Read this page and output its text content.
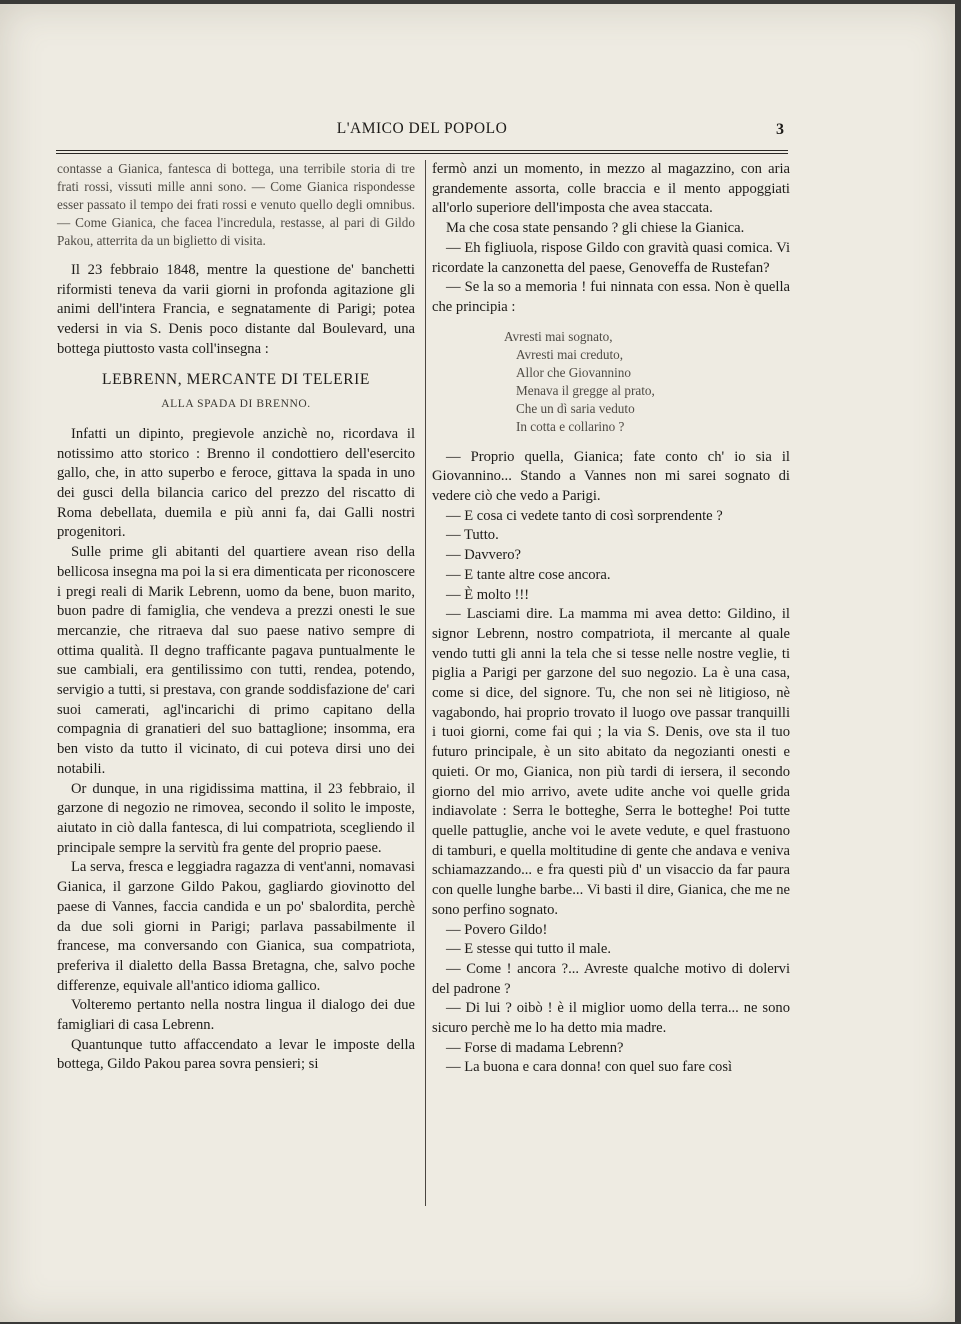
L'AMICO DEL POPOLO	3

contasse a Gianica, fantesca di bottega, una terribile storia di tre frati rossi, vissuti mille anni sono. — Come Gianica rispondesse esser passato il tempo dei frati rossi e venuto quello degli omnibus. — Come Gianica, che facea l'incredula, restasse, al pari di Gildo Pakou, atterrita da un biglietto di visita.

Il 23 febbraio 1848, mentre la questione de' banchetti riformisti teneva da varii giorni in profonda agitazione gli animi dell'intera Francia, e segnatamente di Parigi; potea vedersi in via S. Denis poco distante dal Boulevard, una bottega piuttosto vasta coll'insegna :

LEBRENN, MERCANTE DI TELERIE

ALLA SPADA DI BRENNO.

Infatti un dipinto, pregievole anzichè no, ricordava il notissimo atto storico : Brenno il condottiero dell'esercito gallo, che, in atto superbo e feroce, gittava la spada in uno dei gusci della bilancia carico del prezzo del riscatto di Roma debellata, duemila e più anni fa, dai Galli nostri progenitori.

Sulle prime gli abitanti del quartiere avean riso della bellicosa insegna ma poi la si era dimenticata per riconoscere i pregi reali di Marik Lebrenn, uomo da bene, buon marito, buon padre di famiglia, che vendeva a prezzi onesti le sue mercanzie, che ritraeva dal suo paese nativo sempre di ottima qualità. Il degno trafficante pagava puntualmente le sue cambiali, era gentilissimo con tutti, rendea, potendo, servigio a tutti, si prestava, con grande soddisfazione de' cari suoi camerati, agl'incarichi di primo capitano della compagnia di granatieri del suo battaglione; insomma, era ben visto da tutto il vicinato, di cui poteva dirsi uno dei notabili.

Or dunque, in una rigidissima mattina, il 23 febbraio, il garzone di negozio ne rimovea, secondo il solito le imposte, aiutato in ciò dalla fantesca, di lui compatriota, scegliendo il principale sempre la servitù fra gente del proprio paese.

La serva, fresca e leggiadra ragazza di vent'anni, nomavasi Gianica, il garzone Gildo Pakou, gagliardo giovinotto del paese di Vannes, faccia candida e un po' sbalordita, perchè da due soli giorni in Parigi; parlava passabilmente il francese, ma conversando con Gianica, sua compatriota, preferiva il dialetto della Bassa Bretagna, che, salvo poche differenze, equivale all'antico idioma gallico.

Volteremo pertanto nella nostra lingua il dialogo dei due famigliari di casa Lebrenn.

Quantunque tutto affaccendato a levar le imposte della bottega, Gildo Pakou parea sovra pensieri; si

fermò anzi un momento, in mezzo al magazzino, con aria grandemente assorta, colle braccia e il mento appoggiati all'orlo superiore dell'imposta che avea staccata.

Ma che cosa state pensando ? gli chiese la Gianica.

— Eh figliuola, rispose Gildo con gravità quasi comica. Vi ricordate la canzonetta del paese, Genoveffa de Rustefan?

— Se la so a memoria ! fui ninnata con essa. Non è quella che principia :

Avresti mai sognato,
Avresti mai creduto,
Allor che Giovannino
Menava il gregge al prato,
Che un dì saria veduto
In cotta e collarino ?

— Proprio quella, Gianica; fate conto ch' io sia il Giovannino... Stando a Vannes non mi sarei sognato di vedere ciò che vedo a Parigi.

— E cosa ci vedete tanto di così sorprendente ?

— Tutto.

— Davvero?

— E tante altre cose ancora.

— È molto !!!

— Lasciami dire. La mamma mi avea detto: Gildino, il signor Lebrenn, nostro compatriota, il mercante al quale vendo tutti gli anni la tela che si tesse nelle nostre veglie, ti piglia a Parigi per garzone del suo negozio. La è una casa, come si dice, del signore. Tu, che non sei nè litigioso, nè vagabondo, hai proprio trovato il luogo ove passar tranquilli i tuoi giorni, come fai qui ; la via S. Denis, ove sta il tuo futuro principale, è un sito abitato da negozianti onesti e quieti. Or mo, Gianica, non più tardi di iersera, il secondo giorno del mio arrivo, avete udite anche voi quelle grida indiavolate : Serra le botteghe, Serra le botteghe! Poi tutte quelle pattuglie, anche voi le avete vedute, e quel frastuono di tamburi, e quella moltitudine di gente che andava e veniva schiamazzando... e fra questi più d' un visaccio da far paura con quelle lunghe barbe... Vi basti il dire, Gianica, che me ne sono perfino sognato.

— Povero Gildo!

— E stesse qui tutto il male.

— Come ! ancora ?... Avreste qualche motivo di dolervi del padrone ?

— Di lui ? oibò ! è il miglior uomo della terra... ne sono sicuro perchè me lo ha detto mia madre.

— Forse di madama Lebrenn?

— La buona e cara donna! con quel suo fare così
